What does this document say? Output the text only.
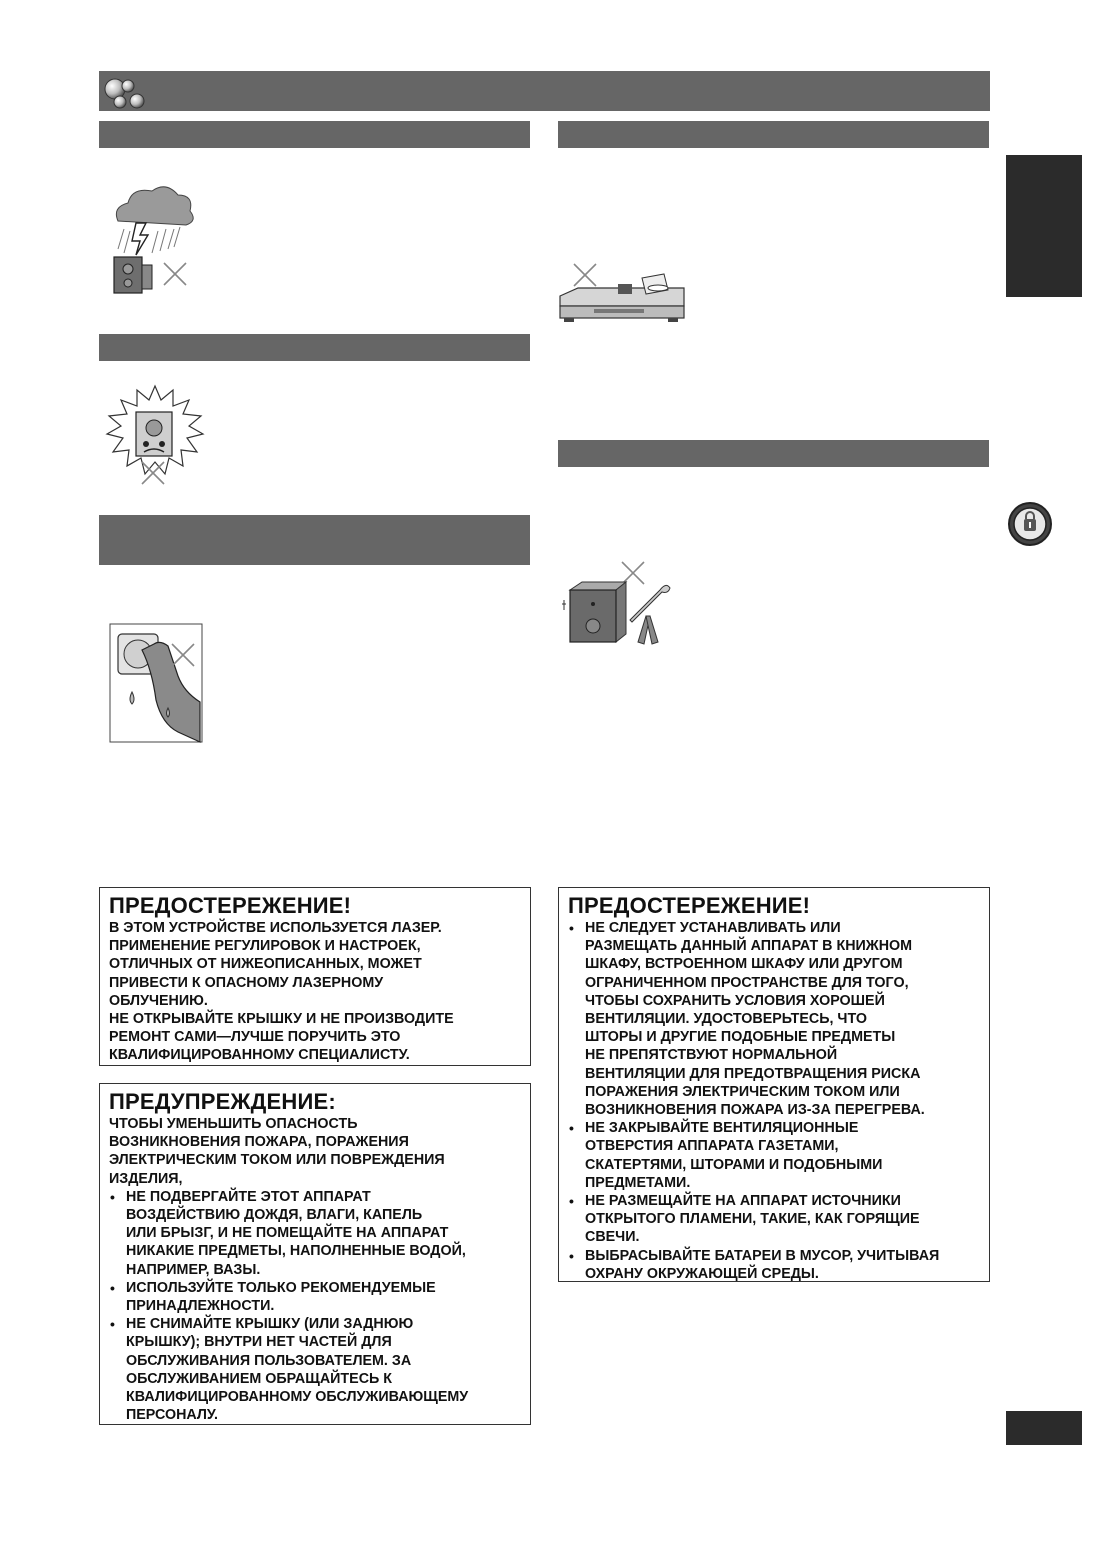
ПРЕДОСТЕРЕЖЕНИЕ!
В ЭТОМ УСТРОЙСТВЕ ИСПОЛЬЗУЕТСЯ ЛАЗЕР.
ПРИМЕНЕНИЕ РЕГУЛИРОВОК И НАСТРОЕК,
ОТЛИЧНЫХ ОТ НИЖЕОПИСАННЫХ, МОЖЕТ
ПРИВЕСТИ К ОПАСНОМУ ЛАЗЕРНОМУ
ОБЛУЧЕНИЮ.
НЕ ОТКРЫВАЙТЕ КРЫШКУ И НЕ ПРОИЗВОДИТЕ
РЕМОНТ САМИ—ЛУЧШЕ ПОРУЧИТЬ ЭТО
КВАЛИФИЦИРОВАННОМУ СПЕЦИАЛИСТУ.
ПРЕДУПРЕЖДЕНИЕ:
ЧТОБЫ УМЕНЬШИТЬ ОПАСНОСТЬ
ВОЗНИКНОВЕНИЯ ПОЖАРА, ПОРАЖЕНИЯ
ЭЛЕКТРИЧЕСКИМ ТОКОМ ИЛИ ПОВРЕЖДЕНИЯ
ИЗДЕЛИЯ,
• НЕ ПОДВЕРГАЙТЕ ЭТОТ АППАРАТ
ВОЗДЕЙСТВИЮ ДОЖДЯ, ВЛАГИ, КАПЕЛЬ
ИЛИ БРЫЗГ, И НЕ ПОМЕЩАЙТЕ НА АППАРАТ
НИКАКИЕ ПРЕДМЕТЫ, НАПОЛНЕННЫЕ ВОДОЙ,
НАПРИМЕР, ВАЗЫ.
• ИСПОЛЬЗУЙТЕ ТОЛЬКО РЕКОМЕНДУЕМЫЕ
ПРИНАДЛЕЖНОСТИ.
• НЕ СНИМАЙТЕ КРЫШКУ (ИЛИ ЗАДНЮЮ
КРЫШКУ); ВНУТРИ НЕТ ЧАСТЕЙ ДЛЯ
ОБСЛУЖИВАНИЯ ПОЛЬЗОВАТЕЛЕМ. ЗА
ОБСЛУЖИВАНИЕМ ОБРАЩАЙТЕСЬ К
КВАЛИФИЦИРОВАННОМУ ОБСЛУЖИВАЮЩЕМУ
ПЕРСОНАЛУ.
ПРЕДОСТЕРЕЖЕНИЕ!
• НЕ СЛЕДУЕТ УСТАНАВЛИВАТЬ ИЛИ
РАЗМЕЩАТЬ ДАННЫЙ АППАРАТ В КНИЖНОМ
ШКАФУ, ВСТРОЕННОМ ШКАФУ ИЛИ ДРУГОМ
ОГРАНИЧЕННОМ ПРОСТРАНСТВЕ ДЛЯ ТОГО,
ЧТОБЫ СОХРАНИТЬ УСЛОВИЯ ХОРОШЕЙ
ВЕНТИЛЯЦИИ. УДОСТОВЕРЬТЕСЬ, ЧТО
ШТОРЫ И ДРУГИЕ ПОДОБНЫЕ ПРЕДМЕТЫ
НЕ ПРЕПЯТСТВУЮТ НОРМАЛЬНОЙ
ВЕНТИЛЯЦИИ ДЛЯ ПРЕДОТВРАЩЕНИЯ РИСКА
ПОРАЖЕНИЯ ЭЛЕКТРИЧЕСКИМ ТОКОМ ИЛИ
ВОЗНИКНОВЕНИЯ ПОЖАРА ИЗ-ЗА ПЕРЕГРЕВА.
• НЕ ЗАКРЫВАЙТЕ ВЕНТИЛЯЦИОННЫЕ
ОТВЕРСТИЯ АППАРАТА ГАЗЕТАМИ,
СКАТЕРТЯМИ, ШТОРАМИ И ПОДОБНЫМИ
ПРЕДМЕТАМИ.
• НЕ РАЗМЕЩАЙТЕ НА АППАРАТ ИСТОЧНИКИ
ОТКРЫТОГО ПЛАМЕНИ, ТАКИЕ, КАК ГОРЯЩИЕ
СВЕЧИ.
• ВЫБРАСЫВАЙТЕ БАТАРЕИ В МУСОР, УЧИТЫВАЯ
ОХРАНУ ОКРУЖАЮЩЕЙ СРЕДЫ.
